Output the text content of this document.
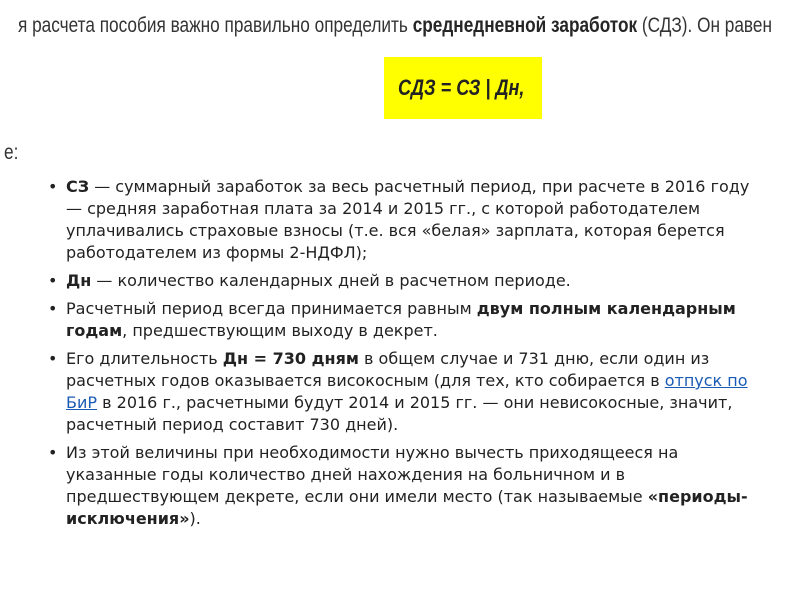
я расчета пособия важно правильно определить среднедневной заработок (СДЗ). Он равен
СДЗ = СЗ | Дн,
е:
• СЗ — суммарный заработок за весь расчетный период, при расчете в 2016 году — средняя заработная плата за 2014 и 2015 гг., с которой работодателем уплачивались страховые взносы (т.е. вся «белая» зарплата, которая берется работодателем из формы 2-НДФЛ);
• Дн — количество календарных дней в расчетном периоде.
• Расчетный период всегда принимается равным двум полным календарным годам, предшествующим выходу в декрет.
• Его длительность Дн = 730 дням в общем случае и 731 дню, если один из расчетных годов оказывается високосным (для тех, кто собирается в отпуск по БиР в 2016 г., расчетными будут 2014 и 2015 гг. — они невисокосные, значит, расчетный период составит 730 дней).
• Из этой величины при необходимости нужно вычесть приходящееся на указанные годы количество дней нахождения на больничном и в предшествующем декрете, если они имели место (так называемые «периоды-исключения»).
